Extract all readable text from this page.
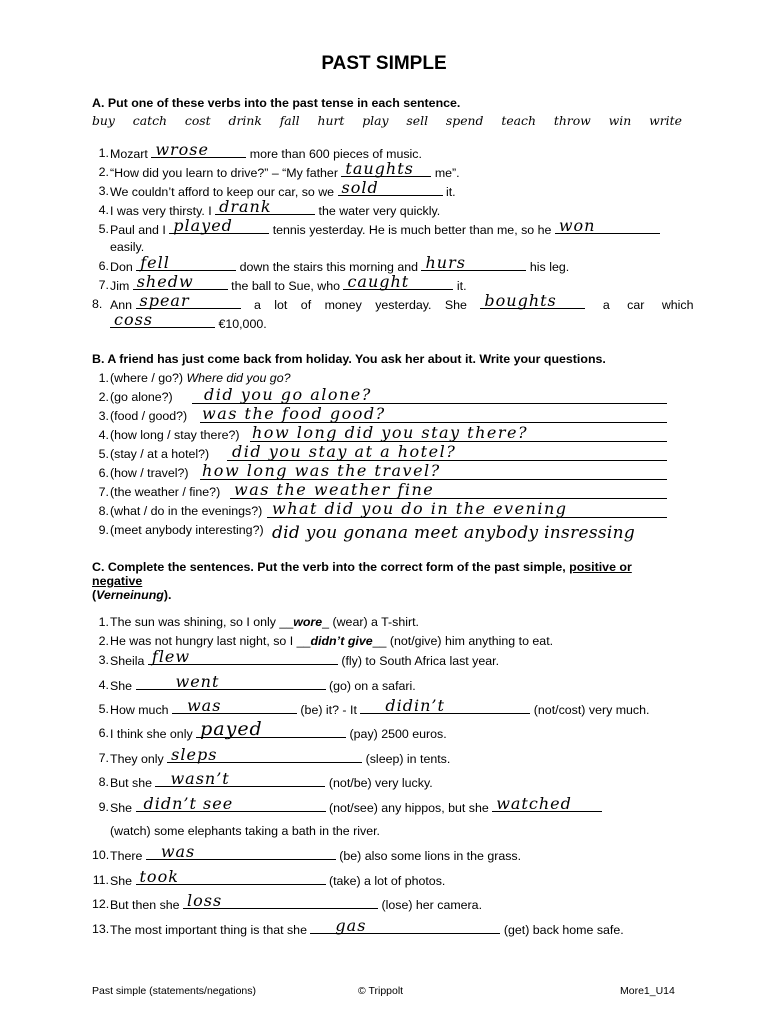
PAST SIMPLE
A. Put one of these verbs into the past tense in each sentence.
buy catch cost drink fall hurt play sell spend teach throw win write
1. Mozart wrose	more than 600 pieces of music.
2. “How did you learn to drive?” – “My father taughts me”.
3. We couldn’t afford to keep our car, so we sold	it.
4. I was very thirsty. I drank	the water very quickly.
5. Paul and I played	tennis yesterday. He is much better than me, so he won
easily.
6. Don fell	down the stairs this morning and hurs	his leg.
7. Jim shedw	the ball to Sue, who caught	it.
8. Ann spear	a lot of money yesterday. She boughts a car which
coss	€10,000.
B. A friend has just come back from holiday. You ask her about it. Write your questions.
1. (where / go?) Where did you go?
2. (go alone?)	did you go alone?
3. (food / good?) was the food good?
4. (how long / stay there?) how long did you stay there?
5. (stay / at a hotel?)	did you stay at a hotel?
6. (how / travel?) how long was the travel?
7. (the weather / fine?) was the weather fine
8. (what / do in the evenings?) what did you do in the evening
9. (meet anybody interesting?) did you gonana meet anybody insressing
C. Complete the sentences. Put the verb into the correct form of the past simple, positive or negative
(Verneinung).
1. The sun was shining, so I only __wore_ (wear) a T-shirt.
2. He was not hungry last night, so I __didn’t give__ (not/give) him anything to eat.
3. Sheila flew	(fly) to South Africa last year.
4. She	went	(go) on a safari.
5. How much was	(be) it? - It didin’t	(not/cost) very much.
6. I think she only payed	(pay) 2500 euros.
7. They only sleps	(sleep) in tents.
8. But she wasn’t	(not/be) very lucky.
9. She didn’t see	(not/see) any hippos, but she watched
(watch) some elephants taking a bath in the river.
10. There was	(be) also some lions in the grass.
11. She took	(take) a lot of photos.
12. But then she loss	(lose) her camera.
13. The most important thing is that she gas	(get) back home safe.
Past simple (statements/negations)	© Trippolt	More1_U14
